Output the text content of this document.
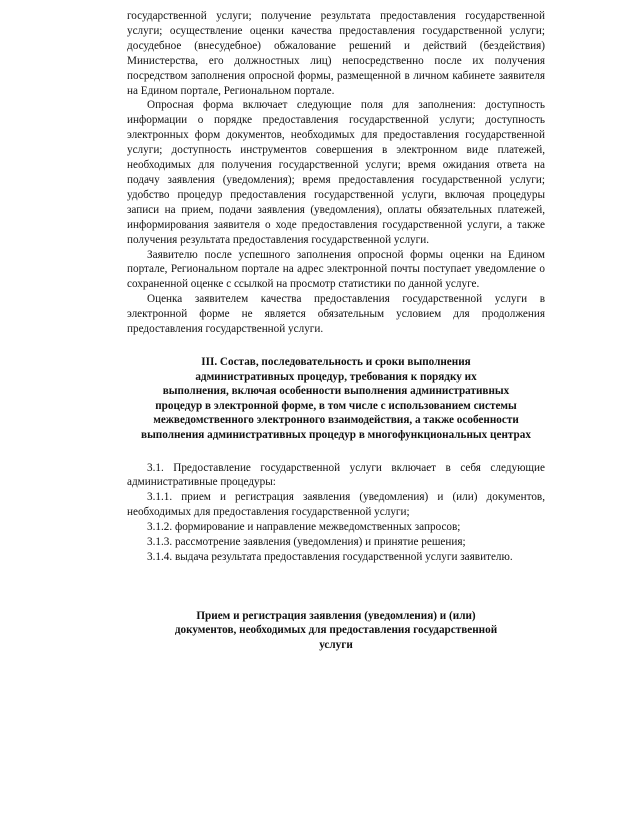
государственной услуги; получение результата предоставления государственной услуги; осуществление оценки качества предоставления государственной услуги; досудебное (внесудебное) обжалование решений и действий (бездействия) Министерства, его должностных лиц) непосредственно после их получения посредством заполнения опросной формы, размещенной в личном кабинете заявителя на Едином портале, Региональном портале.

Опросная форма включает следующие поля для заполнения: доступность информации о порядке предоставления государственной услуги; доступность электронных форм документов, необходимых для предоставления государственной услуги; доступность инструментов совершения в электронном виде платежей, необходимых для получения государственной услуги; время ожидания ответа на подачу заявления (уведомления); время предоставления государственной услуги; удобство процедур предоставления государственной услуги, включая процедуры записи на прием, подачи заявления (уведомления), оплаты обязательных платежей, информирования заявителя о ходе предоставления государственной услуги, а также получения результата предоставления государственной услуги.

Заявителю после успешного заполнения опросной формы оценки на Едином портале, Региональном портале на адрес электронной почты поступает уведомление о сохраненной оценке с ссылкой на просмотр статистики по данной услуге.

Оценка заявителем качества предоставления государственной услуги в электронной форме не является обязательным условием для продолжения предоставления государственной услуги.

III. Состав, последовательность и сроки выполнения
административных процедур, требования к порядку их
выполнения, включая особенности выполнения административных
процедур в электронной форме, в том числе с использованием системы
межведомственного электронного взаимодействия, а также особенности
выполнения административных процедур в многофункциональных центрах

3.1. Предоставление государственной услуги включает в себя следующие административные процедуры:

3.1.1. прием и регистрация заявления (уведомления) и (или) документов, необходимых для предоставления государственной услуги;

3.1.2. формирование и направление межведомственных запросов;

3.1.3. рассмотрение заявления (уведомления) и принятие решения;

3.1.4. выдача результата предоставления государственной услуги заявителю.

Прием и регистрация заявления (уведомления) и (или)
документов, необходимых для предоставления государственной
услуги
